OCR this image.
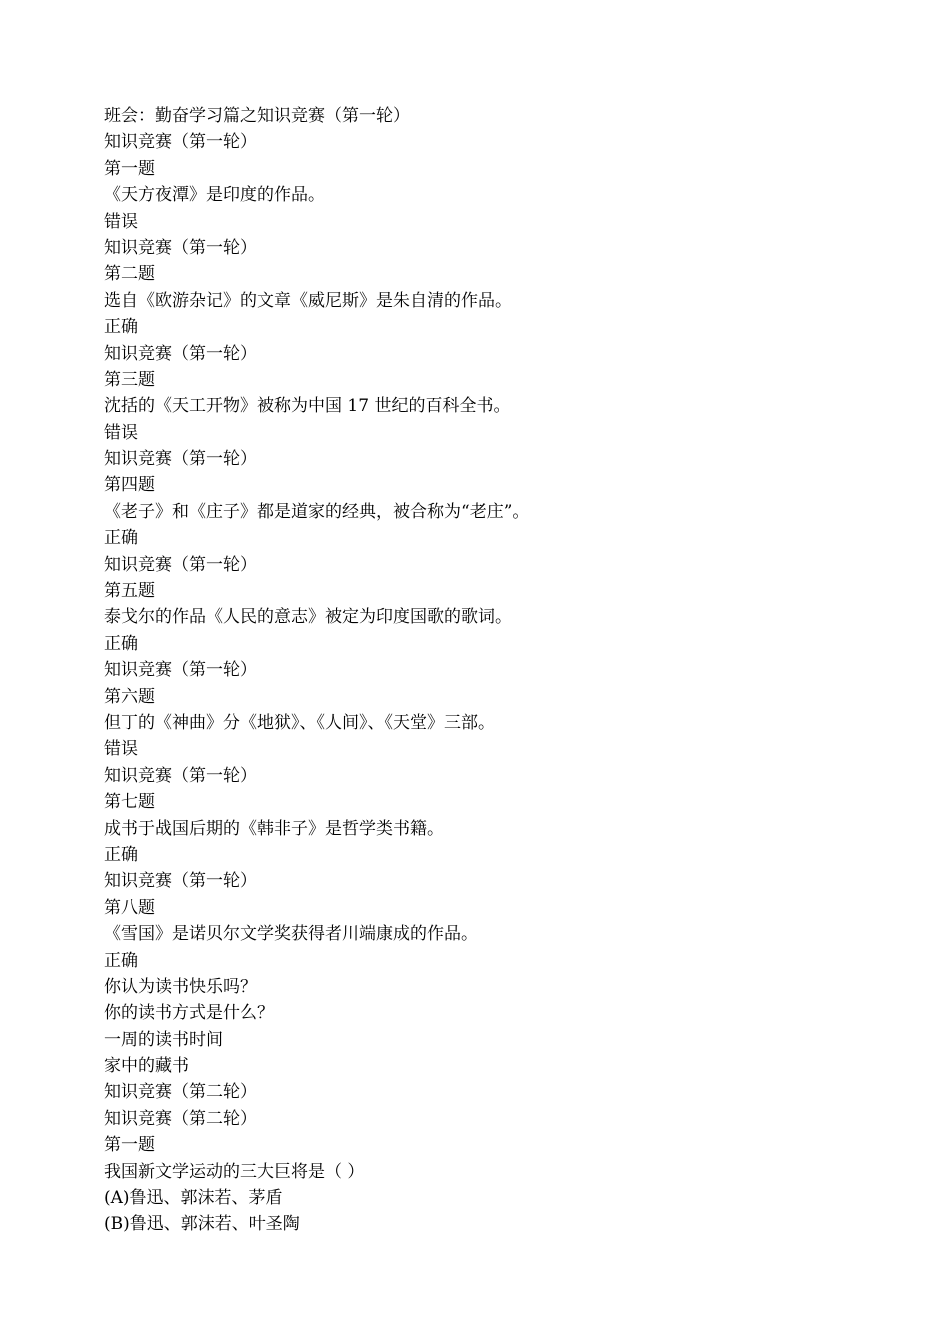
班会：勤奋学习篇之知识竞赛（第一轮）
知识竞赛（第一轮）
第一题
《天方夜潭》是印度的作品。
错误
知识竞赛（第一轮）
第二题
选自《欧游杂记》的文章《威尼斯》是朱自清的作品。
正确
知识竞赛（第一轮）
第三题
沈括的《天工开物》被称为中国 17 世纪的百科全书。
错误
知识竞赛（第一轮）
第四题
《老子》和《庄子》都是道家的经典，被合称为“老庄”。
正确
知识竞赛（第一轮）
第五题
泰戈尔的作品《人民的意志》被定为印度国歌的歌词。
正确
知识竞赛（第一轮）
第六题
但丁的《神曲》分《地狱》、《人间》、《天堂》三部。
错误
知识竞赛（第一轮）
第七题
成书于战国后期的《韩非子》是哲学类书籍。
正确
知识竞赛（第一轮）
第八题
《雪国》是诺贝尔文学奖获得者川端康成的作品。
正确
你认为读书快乐吗？
你的读书方式是什么？
一周的读书时间
家中的藏书
知识竞赛（第二轮）
知识竞赛（第二轮）
第一题
我国新文学运动的三大巨将是（ ）
(A)鲁迅、郭沫若、茅盾
(B)鲁迅、郭沫若、叶圣陶
